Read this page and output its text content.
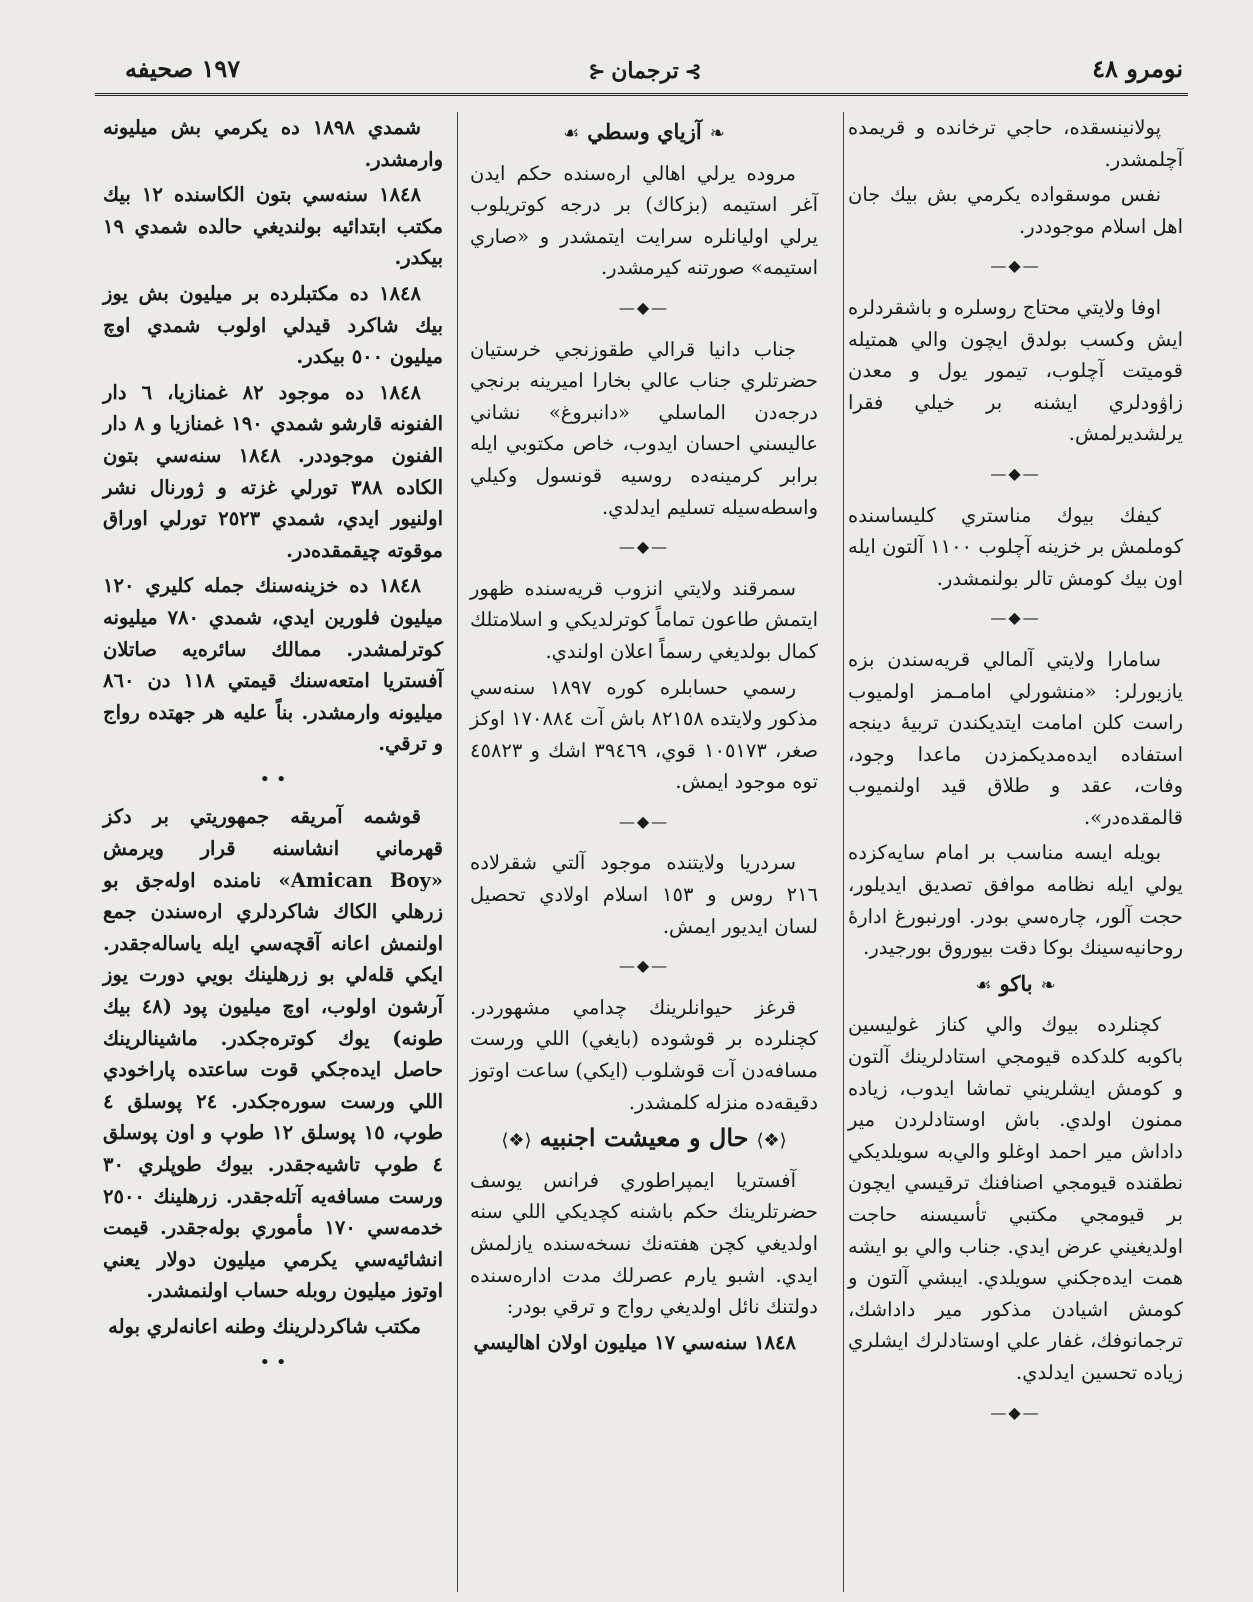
نومرو ٤٨
⊱ترجمان⊰
١٩٧ صحيفه

پولانينسقده، حاجي ترخانده و قريمده آچلمشدر.

نفس موسقواده يكرمي بش بيك جان اهل اسلام موجوددر.

—◆—

اوفا ولايتي محتاج روسلره و باشقردلره ايش وكسب بولدق ايچون والي همتيله قوميتت آچلوب، تيمور يول و معدن زاۋودلري ايشنه بر خيلي فقرا يرلشديرلمش.

—◆—

كيفك بيوك مناستري كليساسنده كوملمش بر خزينه آچلوب ١١٠٠ آلتون ايله اون بيك كومش تالر بولنمشدر.

—◆—

سامارا ولايتي آلمالي قريه‌سندن بزه يازيورلر: «منشورلي امامـمز اولميوب راست كلن امامت ايتديكندن تربيهٔ دينجه استفاده ايده‌مديكمزدن ماعدا وجود، وفات، عقد و طلاق قيد اولنميوب قالمقده‌در».

بويله ايسه مناسب بر امام سايه‌كزده يولي ايله نظامه موافق تصديق ايديلور، حجت آلور، چاره‌سي بودر. اورنبورغ ادارهٔ روحانيه‌سينك بوكا دقت بيوروق بورجيدر.

❧باكو☙

كچنلرده بيوك والي كناز غوليسين باكوبه كلدكده قيومجي استادلرينك آلتون و كومش ايشلريني تماشا ايدوب، زياده ممنون اولدي. باش اوستادلردن مير داداش مير احمد اوغلو والي‌به سويلديكي نطقنده قيومجي اصنافنك ترقيسي ايچون بر قيومجي مكتبي تأسيسنه حاجت اولديغيني عرض ايدي. جناب والي بو ايشه همت ايده‌جكني سويلدي. ايبشي آلتون و كومش اشيادن مذكور مير داداشك، ترجمانوفك، غفار علي اوستادلرك ايشلري زياده تحسين ايدلدي.

—◆—
❧آزياي وسطي☙

مروده يرلي اهالي اره‌سنده حكم ايدن آغر استيمه (بزكاك) بر درجه كوتريلوب يرلي اوليانلره سرايت ايتمشدر و «صاري استيمه» صورتنه كيرمشدر.

—◆—

جناب دانيا قرالي طقوزنجي خرستيان حضرتلري جناب عالي بخارا اميرينه برنجي درجه‌دن الماسلي «دانبروغ» نشاني عاليسني احسان ايدوب، خاص مكتوبي ايله برابر كرمينه‌ده روسيه قونسول وكيلي واسطه‌سيله تسليم ايدلدي.

—◆—

سمرقند ولايتي انزوب قريه‌سنده ظهور ايتمش طاعون تماماً كوترلديكي و اسلامتلك كمال بولديغي رسماً اعلان اولندي.

رسمي حسابلره كوره ١٨٩٧ سنه‌سي مذكور ولايتده ٨٢١٥٨ باش آت ١٧٠٨٨٤ اوكز صغر، ١٠٥١٧٣ قوي، ٣٩٤٦٩ اشك و ٤٥٨٢٣ توه موجود ايمش.

—◆—

سردريا ولايتنده موجود آلتي شقرلاده ٢١٦ روس و ١٥٣ اسلام اولادي تحصيل لسان ايديور ايمش.

—◆—

قرغز حيوانلرينك چدامي مشهوردر. كچنلرده بر قوشوده (بايغي) اللي ورست مسافه‌دن آت قوشلوب (ايكي) ساعت اوتوز دقيقه‌ده منزله كلمشدر.

⟨❖⟩حال و معيشت اجنبيه⟨❖⟩

آفستريا ايمپراطوري فرانس يوسف حضرتلرينك حكم باشنه كچديكي اللي سنه اولديغي كچن هفته‌نك نسخه‌سنده يازلمش ايدي. اشبو يارم عصرلك مدت اداره‌سنده دولتنك نائل اولديغي رواج و ترقي بودر:

١٨٤٨ سنه‌سي ١٧ ميليون اولان اهاليسي

شمدي ١٨٩٨ ده يكرمي بش ميليونه وارمشدر.

١٨٤٨ سنه‌سي بتون الكاسنده ١٢ بيك مكتب ابتدائيه بولنديغي حالده شمدي ١٩ بيكدر.

١٨٤٨ ده مكتبلرده بر ميليون بش يوز بيك شاكرد قيدلي اولوب شمدي اوچ ميليون ٥٠٠ بيكدر.

١٨٤٨ ده موجود ٨٢ غمنازيا، ٦ دار الفنونه قارشو شمدي ١٩٠ غمنازيا و ٨ دار الفنون موجوددر. ١٨٤٨ سنه‌سي بتون الكاده ٣٨٨ تورلي غزته و ژورنال نشر اولنيور ايدي، شمدي ٢٥٢٣ تورلي اوراق موقوته چيقمقده‌در.

١٨٤٨ ده خزينه‌سنك جمله كليري ١٢٠ ميليون فلورين ايدي، شمدي ٧٨٠ ميليونه كوترلمشدر. ممالك سائره‌يه صاتلان آفستريا امتعه‌سنك قيمتي ١١٨ دن ٨٦٠ ميليونه وارمشدر. بناً عليه هر جهتده رواج و ترقي.

• •

قوشمه آمريقه جمهوريتي بر دكز قهرماني انشاسنه قرار ويرمش «Amican Boy» نامنده اوله‌جق بو زرهلي الكاك شاكردلري اره‌سندن جمع اولنمش اعانه آقچه‌سي ايله ياساله‌جقدر. ايكي قله‌لي بو زرهلينك بويي دورت يوز آرشون اولوب، اوچ ميليون پود (٤٨ بيك طونه) يوك كوتره‌جكدر. ماشينالرينك حاصل ايده‌جكي قوت ساعتده پاراخودي اللي ورست سوره‌جكدر. ٢٤ پوسلق ٤ طوپ، ١٥ پوسلق ١٢ طوپ و اون پوسلق ٤ طوپ تاشيه‌جقدر. بيوك طوپلري ٣٠ ورست مسافه‌يه آتله‌جقدر. زرهلينك ٢٥٠٠ خدمه‌سي ١٧٠ مأموري بوله‌جقدر. قيمت انشائيه‌سي يكرمي ميليون دولار يعني اوتوز ميليون روبله حساب اولنمشدر.

مكتب شاكردلرينك وطنه اعانه‌لري بوله

• •
